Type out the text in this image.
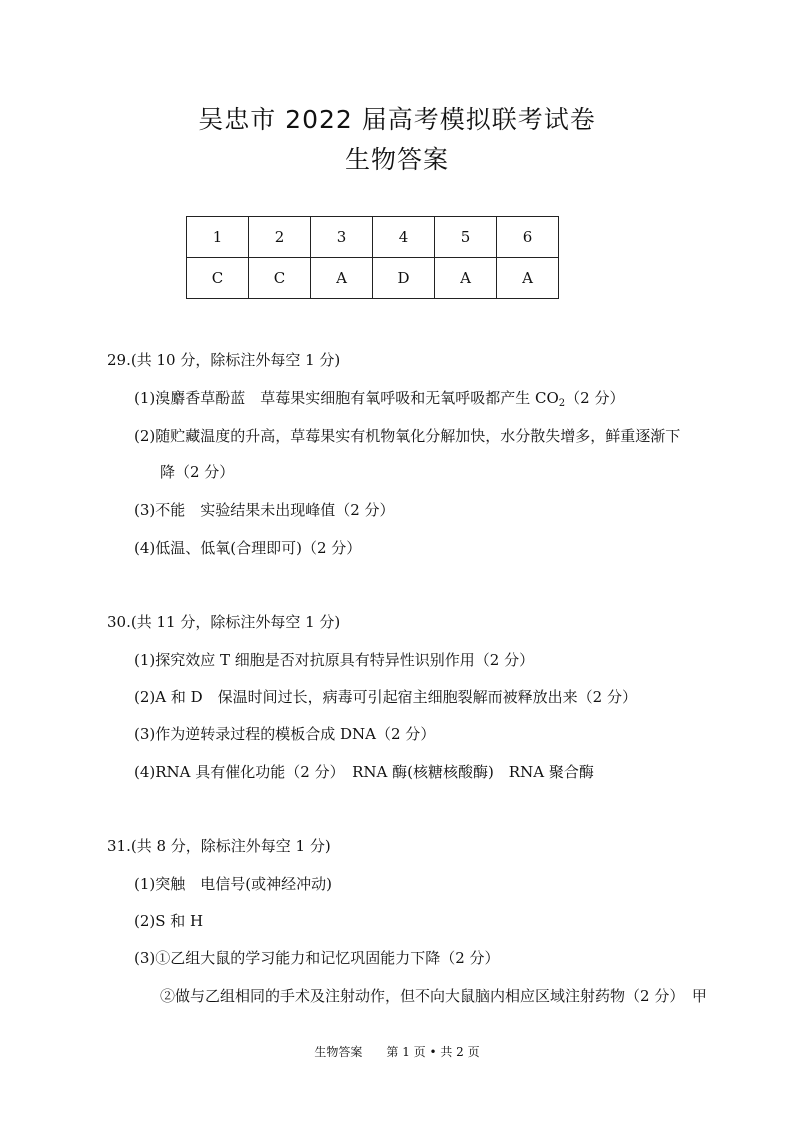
吴忠市 2022 届高考模拟联考试卷
生物答案
1	2	3	4	5	6
C	C	A	D	A	A
29.(共 10 分，除标注外每空 1 分)
(1)溴麝香草酚蓝　草莓果实细胞有氧呼吸和无氧呼吸都产生 $CO_2(2$ 分）
(2)随贮藏温度的升高，草莓果实有机物氧化分解加快，水分散失增多，鲜重逐渐下
降（2 分）
(3)不能　实验结果未出现峰值（2 分）
(4)低温、低氧(合理即可)（2 分）
30.(共 11 分，除标注外每空 1 分)
(1)探究效应 T 细胞是否对抗原具有特异性识别作用（2 分）
(2)A 和 D　保温时间过长，病毒可引起宿主细胞裂解而被释放出来（2 分）
(3)作为逆转录过程的模板合成 DNA（2 分）
(4)RNA 具有催化功能（2 分）　RNA 酶(核糖核酸酶)　RNA 聚合酶
31.(共 8 分，除标注外每空 1 分)
(1)突触　电信号(或神经冲动)
(2)S 和 H
(3)①乙组大鼠的学习能力和记忆巩固能力下降（2 分）
②做与乙组相同的手术及注射动作，但不向大鼠脑内相应区域注射药物（2 分）　甲
生物答案　　第 1 页 • 共 2 页
